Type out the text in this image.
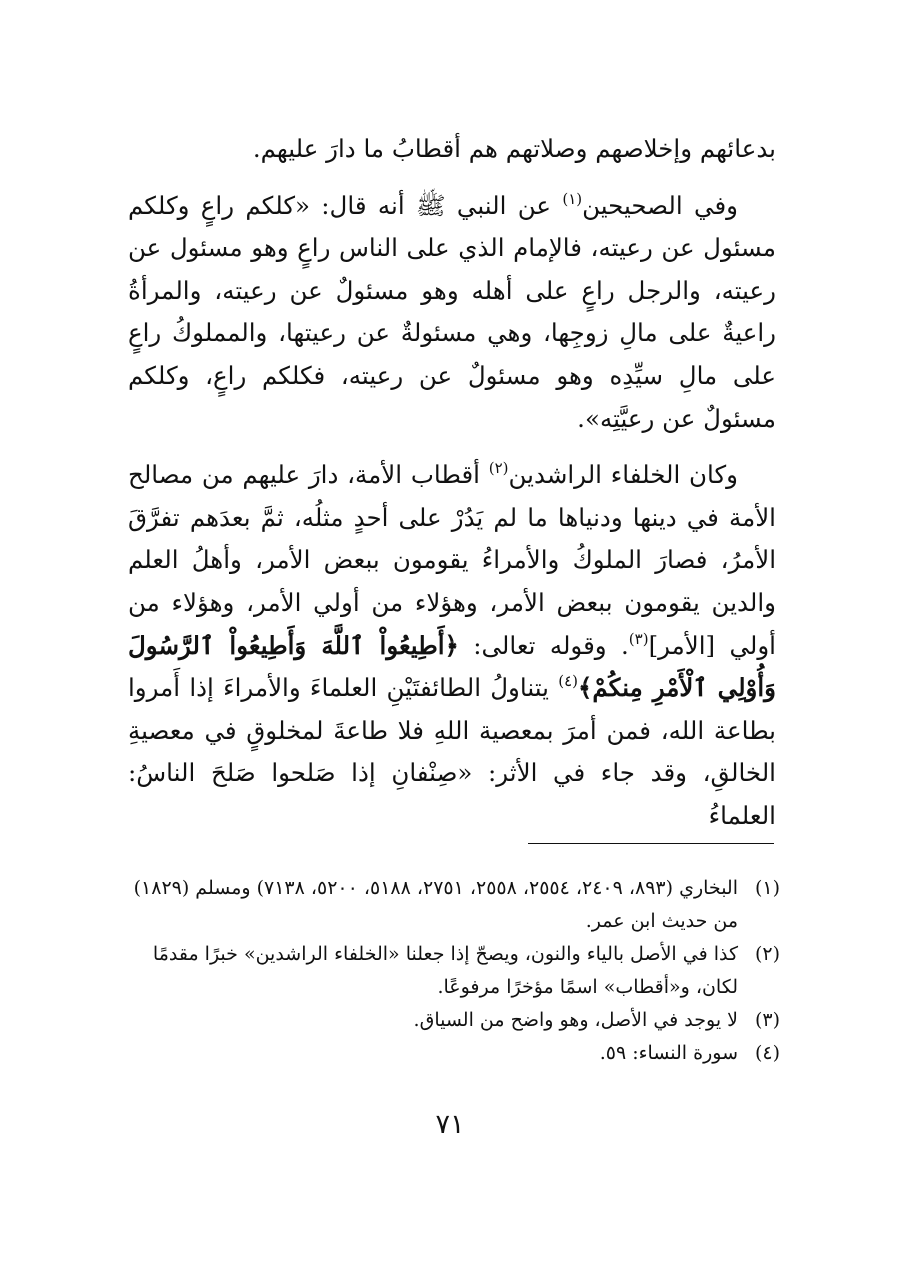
بدعائهم وإخلاصهم وصلاتهم هم أقطابُ ما دارَ عليهم.

وفي الصحيحين$^{(١)}$ عن النبي ﷺ أنه قال: «كلكم راعٍ وكلكم مسئول عن رعيته، فالإمام الذي على الناس راعٍ وهو مسئول عن رعيته، والرجل راعٍ على أهله وهو مسئولٌ عن رعيته، والمرأةُ راعيةٌ على مالِ زوجِها، وهي مسئولةٌ عن رعيتها، والمملوكُ راعٍ على مالِ سيِّدِه وهو مسئولٌ عن رعيته، فكلكم راعٍ، وكلكم مسئولٌ عن رعيَّتِه».

وكان الخلفاء الراشدين$^{(٢)}$ أقطاب الأمة، دارَ عليهم من مصالح الأمة في دينها ودنياها ما لم يَدُرْ على أحدٍ مثلُه، ثمَّ بعدَهم تفرَّقَ الأمرُ، فصارَ الملوكُ والأمراءُ يقومون ببعض الأمر، وأهلُ العلم والدين يقومون ببعض الأمر، وهؤلاء من أولي الأمر، وهؤلاء من أولي [الأمر]$^{(٣)}$. وقوله تعالى: ﴿أَطِيعُواْ ٱللَّهَ وَأَطِيعُواْ ٱلرَّسُولَ وَأُوْلِي ٱلْأَمْرِ مِنكُمْ﴾$^{(٤)}$ يتناولُ الطائفتَيْنِ العلماءَ والأمراءَ إذا أَمروا بطاعة الله، فمن أمرَ بمعصية اللهِ فلا طاعةَ لمخلوقٍ في معصيةِ الخالقِ، وقد جاء في الأثر: «صِنْفانِ إذا صَلحوا صَلحَ الناسُ: العلماءُ

(١)
البخاري (٨٩٣، ٢٤٠٩، ٢٥٥٤، ٢٥٥٨، ٢٧٥١، ٥١٨٨، ٥٢٠٠، ٧١٣٨) ومسلم (١٨٢٩) من حديث ابن عمر.
(٢)
كذا في الأصل بالياء والنون، ويصحّ إذا جعلنا «الخلفاء الراشدين» خبرًا مقدمًا لكان، و«أقطاب» اسمًا مؤخرًا مرفوعًا.
(٣)
لا يوجد في الأصل، وهو واضح من السياق.
(٤)
سورة النساء: ٥٩.
٧١
